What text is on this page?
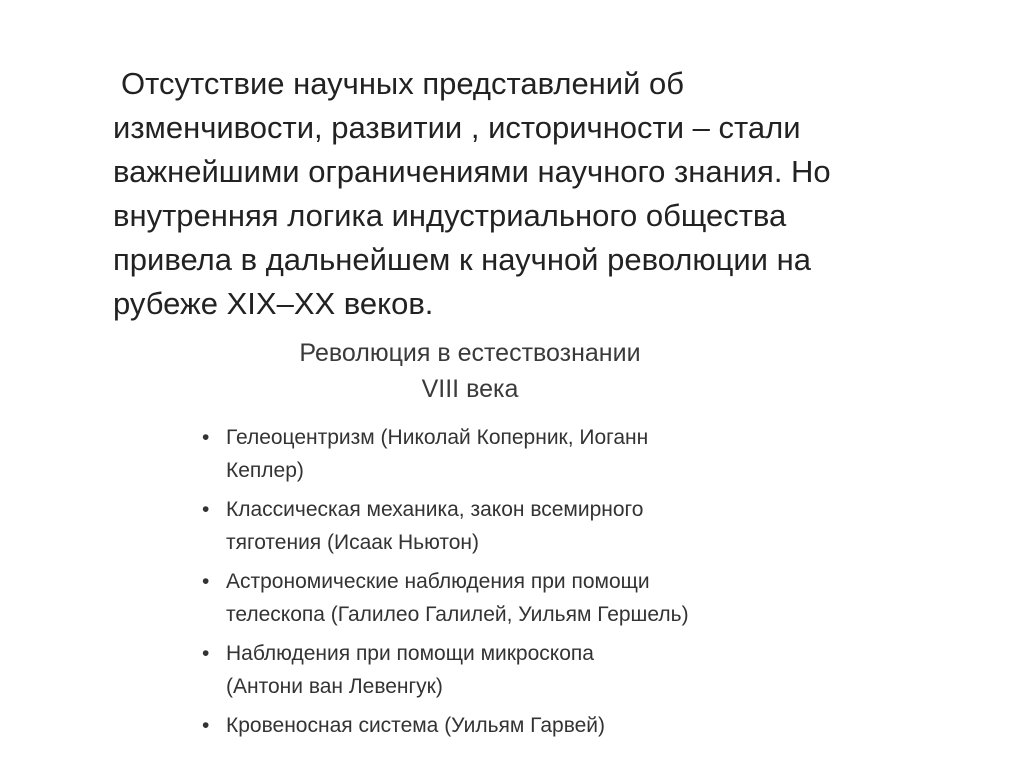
Отсутствие научных представлений об
изменчивости, развитии , историчности – стали
важнейшими ограничениями научного знания. Но
внутренняя логика индустриального общества
привела в дальнейшем к научной революции на
рубеже XIX–XX веков.
Революция в естествознании
VIII века
• Гелеоцентризм (Николай Коперник, Иоганн
Кеплер)
• Классическая механика, закон всемирного
тяготения (Исаак Ньютон)
• Астрономические наблюдения при помощи
телескопа (Галилео Галилей, Уильям Гершель)
• Наблюдения при помощи микроскопа
(Антони ван Левенгук)
• Кровеносная система (Уильям Гарвей)
